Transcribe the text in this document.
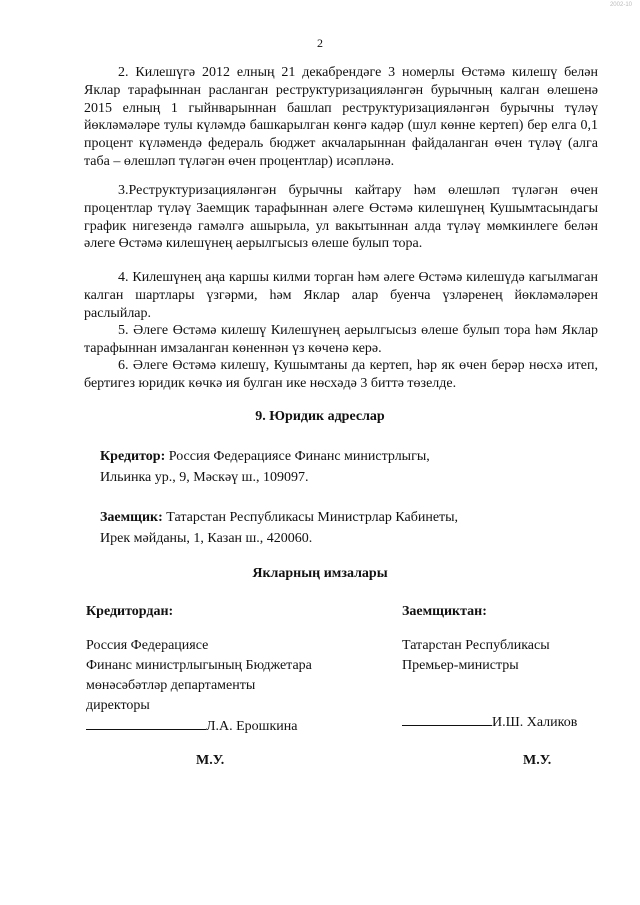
2002-10
2

2. Килешүгә 2012 елның 21 декабрендәге 3 номерлы Өстәмә килешү белән Яклар тарафыннан расланган реструктуризацияләнгән бурычның калган өлешенә 2015 елның 1 гыйнварыннан башлап реструктуризацияләнгән бурычны түләү йөкләмәләре тулы күләмдә башкарылган көнгә кадәр (шул көнне кертеп) бер елга 0,1 процент күләмендә федераль бюджет акчаларыннан файдаланган өчен түләү (алга таба – өлешләп түләгән өчен процентлар) исәпләнә.

3.Реструктуризацияләнгән бурычны кайтару һәм өлешләп түләгән өчен процентлар түләү Заемщик тарафыннан әлеге Өстәмә килешүнең Кушымтасындагы график нигезендә гамәлгә ашырыла, ул вакытыннан алда түләү мөмкинлеге белән әлеге Өстәмә килешүнең аерылгысыз өлеше булып тора.

4. Килешүнең аңа каршы килми торган һәм әлеге Өстәмә килешүдә кагылмаган калган шартлары үзгәрми, һәм Яклар алар буенча үзләренең йөкләмәләрен раслыйлар.

5. Әлеге Өстәмә килешү Килешүнең аерылгысыз өлеше булып тора һәм Яклар тарафыннан имзаланган көненнән үз көченә керә.

6. Әлеге Өстәмә килешү, Кушымтаны да кертеп, һәр як өчен берәр нөсхә итеп, бертигез юридик көчкә ия булган ике нөсхәдә 3 биттә төзелде.

9. Юридик адреслар
Кредитор: Россия Федерациясе Финанс министрлыгы,
Ильинка ур., 9, Мәскәү ш., 109097.
Заемщик: Татарстан Республикасы Министрлар Кабинеты,
Ирек мәйданы, 1, Казан ш., 420060.
Якларның имзалары
Кредитордан:
Россия Федерациясе
Финанс министрлыгының Бюджетара
мөнәсәбәтләр департаменты
директоры
Заемщиктан:
Татарстан Республикасы
Премьер-министры
Л.А. Ерошкина	И.Ш. Халиков
М.У.	М.У.
